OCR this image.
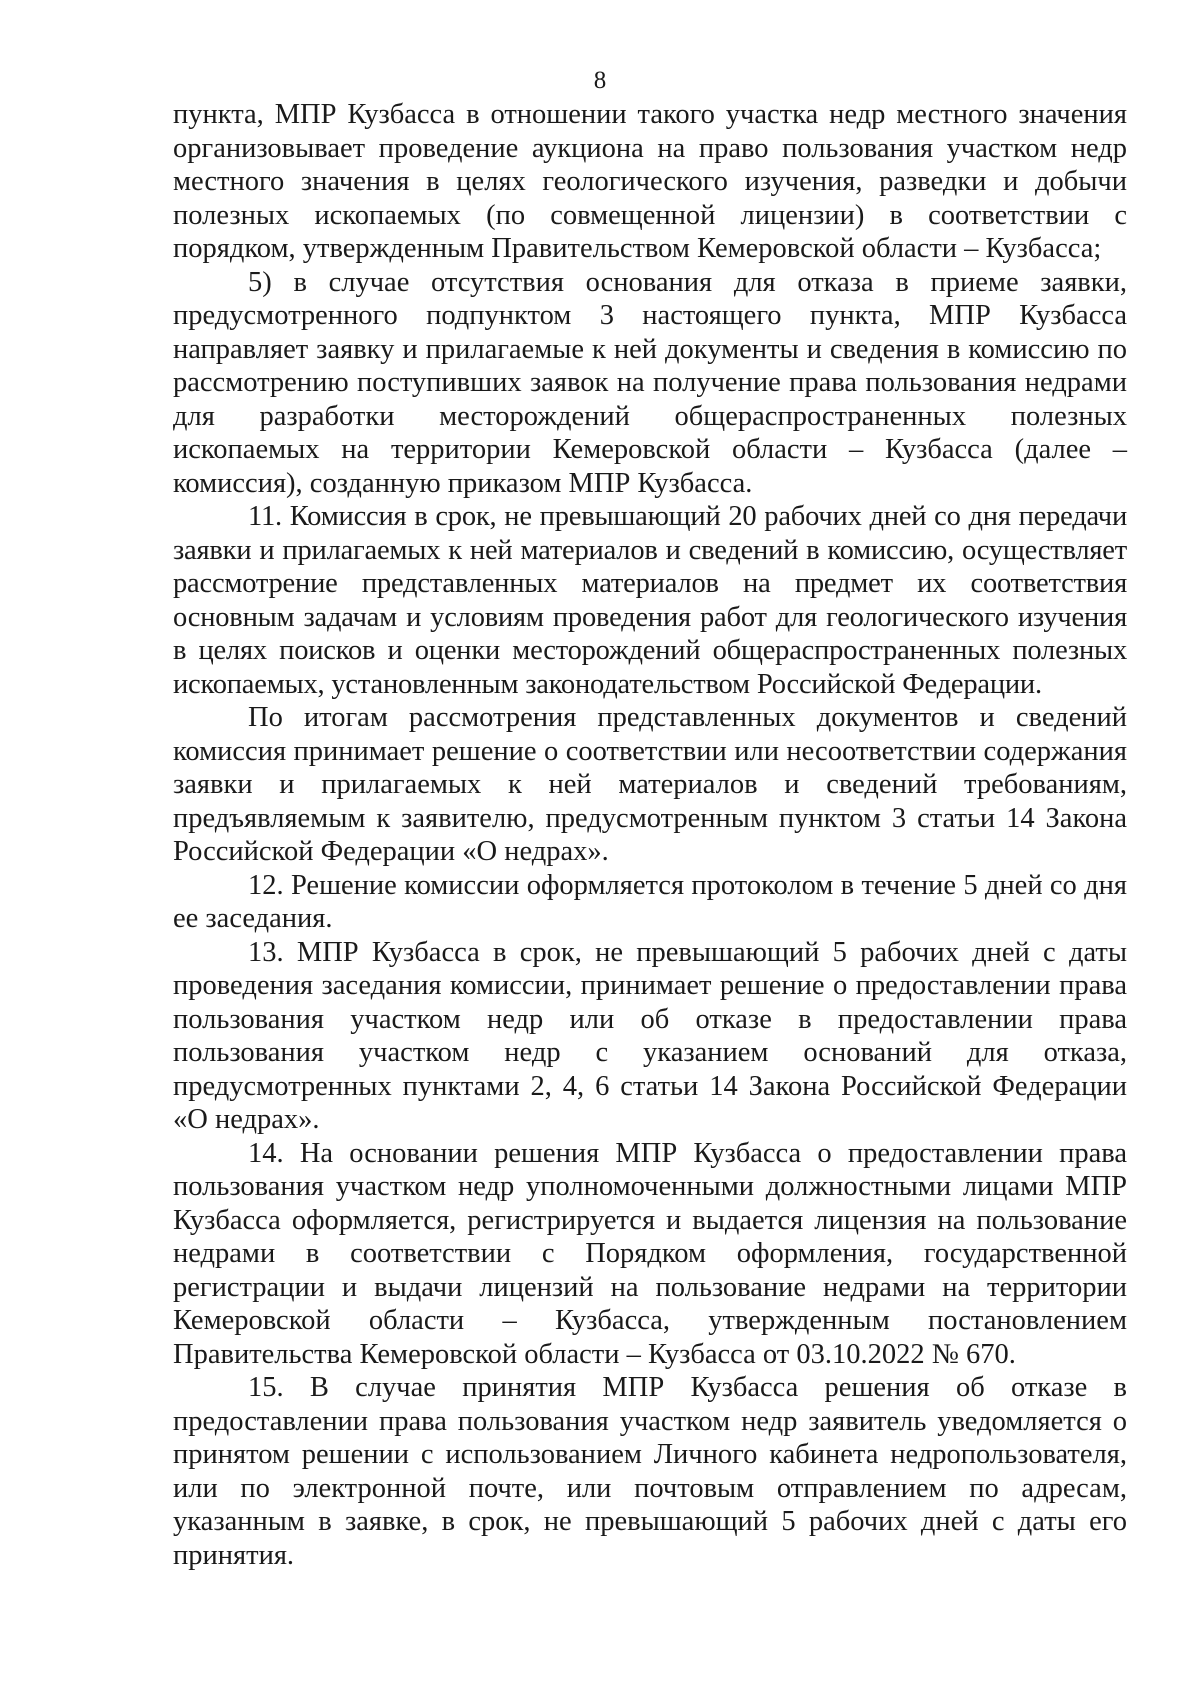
8

пункта, МПР Кузбасса в отношении такого участка недр местного значения организовывает проведение аукциона на право пользования участком недр местного значения в целях геологического изучения, разведки и добычи полезных ископаемых (по совмещенной лицензии) в соответствии с порядком, утвержденным Правительством Кемеровской области – Кузбасса;

5) в случае отсутствия основания для отказа в приеме заявки, предусмотренного подпунктом 3 настоящего пункта, МПР Кузбасса направляет заявку и прилагаемые к ней документы и сведения в комиссию по рассмотрению поступивших заявок на получение права пользования недрами для разработки месторождений общераспространенных полезных ископаемых на территории Кемеровской области – Кузбасса (далее – комиссия), созданную приказом МПР Кузбасса.

11. Комиссия в срок, не превышающий 20 рабочих дней со дня передачи заявки и прилагаемых к ней материалов и сведений в комиссию, осуществляет рассмотрение представленных материалов на предмет их соответствия основным задачам и условиям проведения работ для геологического изучения в целях поисков и оценки месторождений общераспространенных полезных ископаемых, установленным законодательством Российской Федерации.

По итогам рассмотрения представленных документов и сведений комиссия принимает решение о соответствии или несоответствии содержания заявки и прилагаемых к ней материалов и сведений требованиям, предъявляемым к заявителю, предусмотренным пунктом 3 статьи 14 Закона Российской Федерации «О недрах».

12. Решение комиссии оформляется протоколом в течение 5 дней со дня ее заседания.

13. МПР Кузбасса в срок, не превышающий 5 рабочих дней с даты проведения заседания комиссии, принимает решение о предоставлении права пользования участком недр или об отказе в предоставлении права пользования участком недр с указанием оснований для отказа, предусмотренных пунктами 2, 4, 6 статьи 14 Закона Российской Федерации «О недрах».

14. На основании решения МПР Кузбасса о предоставлении права пользования участком недр уполномоченными должностными лицами МПР Кузбасса оформляется, регистрируется и выдается лицензия на пользование недрами в соответствии с Порядком оформления, государственной регистрации и выдачи лицензий на пользование недрами на территории Кемеровской области – Кузбасса, утвержденным постановлением Правительства Кемеровской области – Кузбасса от 03.10.2022 № 670.

15. В случае принятия МПР Кузбасса решения об отказе в предоставлении права пользования участком недр заявитель уведомляется о принятом решении с использованием Личного кабинета недропользователя, или по электронной почте, или почтовым отправлением по адресам, указанным в заявке, в срок, не превышающий 5 рабочих дней с даты его принятия.
